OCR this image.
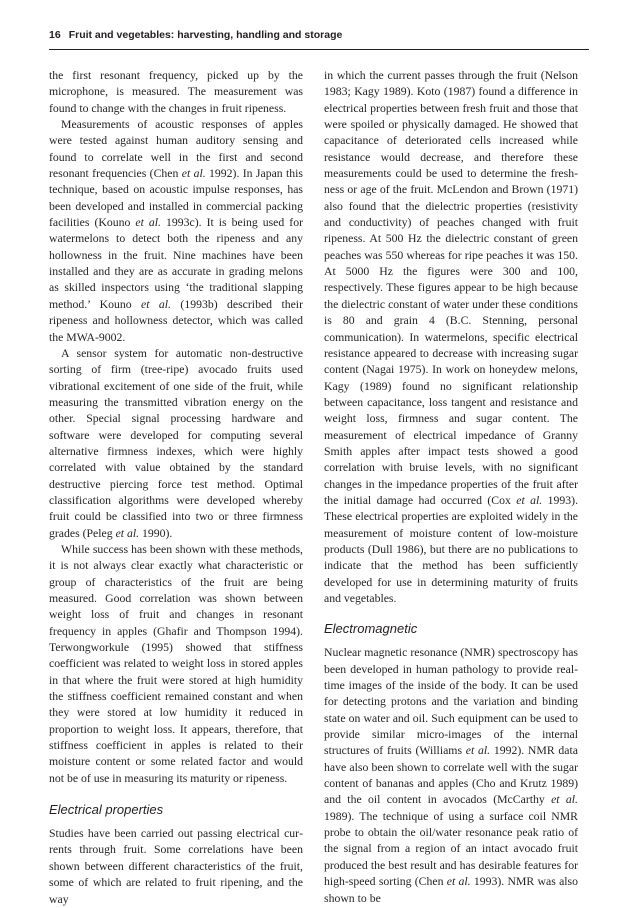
16 Fruit and vegetables: harvesting, handling and storage

the first resonant frequency, picked up by the microphone, is measured. The measurement was found to change with the changes in fruit ripeness.

Measurements of acoustic responses of apples were tested against human auditory sensing and found to correlate well in the first and second resonant frequencies (Chen et al. 1992). In Japan this technique, based on acoustic impulse responses, has been developed and installed in commercial packing facilities (Kouno et al. 1993c). It is being used for watermelons to detect both the ripeness and any hollowness in the fruit. Nine machines have been installed and they are as accurate in grading melons as skilled inspectors using ‘the traditional slapping method.’ Kouno et al. (1993b) described their ripeness and hollowness detector, which was called the MWA-9002.

A sensor system for automatic non-destructive sorting of firm (tree-ripe) avocado fruits used vibrational excitement of one side of the fruit, while measuring the transmitted vibration energy on the other. Special signal processing hardware and software were developed for computing several alternative firmness indexes, which were highly correlated with value obtained by the standard destructive piercing force test method. Optimal classification algorithms were developed whereby fruit could be classified into two or three firmness grades (Peleg et al. 1990).

While success has been shown with these methods, it is not always clear exactly what characteristic or group of characteristics of the fruit are being measured. Good correlation was shown between weight loss of fruit and changes in resonant frequency in apples (Ghafir and Thompson 1994). Terwongworkule (1995) showed that stiffness coefficient was related to weight loss in stored apples in that where the fruit were stored at high humidity the stiffness coefficient remained constant and when they were stored at low humidity it reduced in proportion to weight loss. It appears, therefore, that stiffness coefficient in apples is related to their moisture content or some related factor and would not be of use in measuring its maturity or ripeness.

Electrical properties

Studies have been carried out passing electrical currents through fruit. Some correlations have been shown between different characteristics of the fruit, some of which are related to fruit ripening, and the way

in which the current passes through the fruit (Nelson 1983; Kagy 1989). Koto (1987) found a difference in electrical properties between fresh fruit and those that were spoiled or physically damaged. He showed that capacitance of deteriorated cells increased while resistance would decrease, and therefore these measurements could be used to determine the freshness or age of the fruit. McLendon and Brown (1971) also found that the dielectric properties (resistivity and conductivity) of peaches changed with fruit ripeness. At 500 Hz the dielectric constant of green peaches was 550 whereas for ripe peaches it was 150. At 5000 Hz the figures were 300 and 100, respectively. These figures appear to be high because the dielectric constant of water under these conditions is 80 and grain 4 (B.C. Stenning, personal communication). In watermelons, specific electrical resistance appeared to decrease with increasing sugar content (Nagai 1975). In work on honeydew melons, Kagy (1989) found no significant relationship between capacitance, loss tangent and resistance and weight loss, firmness and sugar content. The measurement of electrical impedance of Granny Smith apples after impact tests showed a good correlation with bruise levels, with no significant changes in the impedance properties of the fruit after the initial damage had occurred (Cox et al. 1993). These electrical properties are exploited widely in the measurement of moisture content of low-moisture products (Dull 1986), but there are no publications to indicate that the method has been sufficiently developed for use in determining maturity of fruits and vegetables.

Electromagnetic

Nuclear magnetic resonance (NMR) spectroscopy has been developed in human pathology to provide real-time images of the inside of the body. It can be used for detecting protons and the variation and binding state on water and oil. Such equipment can be used to provide similar micro-images of the internal structures of fruits (Williams et al. 1992). NMR data have also been shown to correlate well with the sugar content of bananas and apples (Cho and Krutz 1989) and the oil content in avocados (McCarthy et al. 1989). The technique of using a surface coil NMR probe to obtain the oil/water resonance peak ratio of the signal from a region of an intact avocado fruit produced the best result and has desirable features for high-speed sorting (Chen et al. 1993). NMR was also shown to be
